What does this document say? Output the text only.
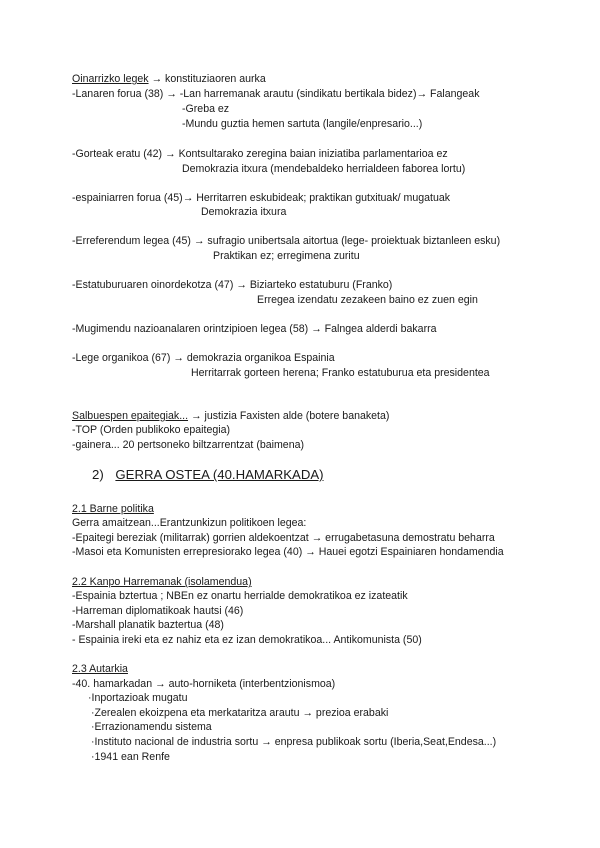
Oinarrizko legek → konstituziaoren aurka
-Lanaren forua (38) → -Lan harremanak arautu (sindikatu bertikala bidez)→ Falangeak
-Greba ez
-Mundu guztia hemen sartuta (langile/enpresario...)
-Gorteak eratu (42) → Kontsultarako zeregina baian iniziatiba parlamentarioa ez
Demokrazia itxura (mendebaldeko herrialdeen faborea lortu)
-espainiarren forua (45)→ Herritarren eskubideak; praktikan gutxituak/ mugatuak
Demokrazia itxura
-Erreferendum legea (45) → sufragio unibertsala aitortua (lege- proiektuak biztanleen esku)
Praktikan ez; erregimena zuritu
-Estatuburuaren oinordekotza (47) → Biziarteko estatuburu (Franko)
Erregea izendatu zezakeen baino ez zuen egin
-Mugimendu nazioanalaren orintzipioen legea (58) → Falngea alderdi bakarra
-Lege organikoa (67) → demokrazia organikoa Espainia
Herritarrak gorteen herena; Franko estatuburua eta presidentea
Salbuespen epaitegiak... → justizia Faxisten alde (botere banaketa)
-TOP (Orden publikoko epaitegia)
-gainera... 20 pertsoneko biltzarrentzat (baimena)
2) GERRA OSTEA (40.HAMARKADA)
2.1 Barne politika
Gerra amaitzean...Erantzunkizun politikoen legea:
-Epaitegi bereziak (militarrak) gorrien aldekoentzat → errugabetasuna demostratu beharra
-Masoi eta Komunisten errepresiorako legea (40) → Hauei egotzi Espainiaren hondamendia
2.2 Kanpo Harremanak (isolamendua)
-Espainia bztertua ; NBEn ez onartu herrialde demokratikoa ez izateatik
-Harreman diplomatikoak hautsi (46)
-Marshall planatik baztertua (48)
- Espainia ireki eta ez nahiz eta ez izan demokratikoa... Antikomunista (50)
2.3 Autarkia
-40. hamarkadan → auto-horniketa (interbentzionismoa)
·Inportazioak mugatu
·Zerealen ekoizpena eta merkataritza arautu → prezioa erabaki
·Errazionamendu sistema
·Instituto nacional de industria sortu → enpresa publikoak sortu (Iberia,Seat,Endesa...)
·1941 ean Renfe
